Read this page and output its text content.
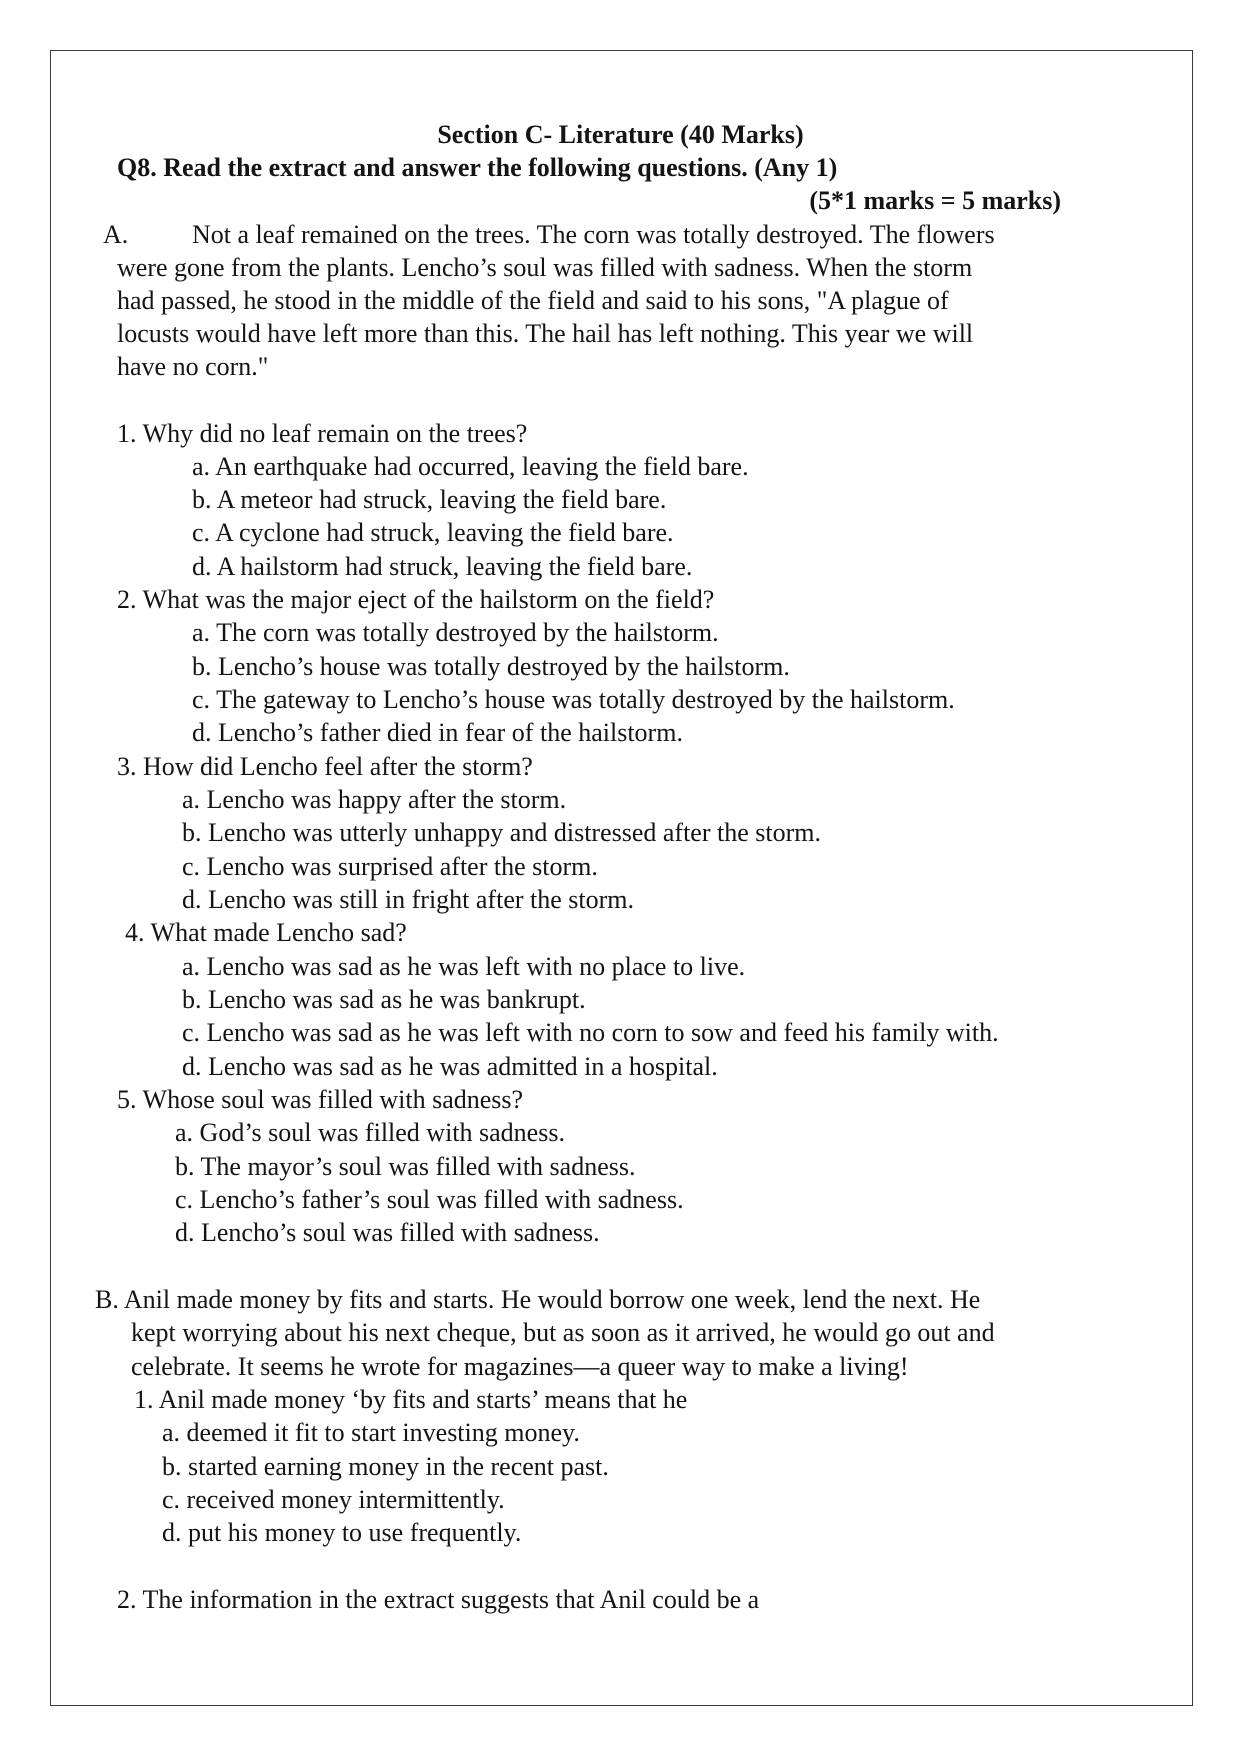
Section C- Literature (40 Marks)
Q8. Read the extract and answer the following questions. (Any 1)
(5*1 marks = 5 marks)
A. Not a leaf remained on the trees. The corn was totally destroyed. The flowers
were gone from the plants. Lencho’s soul was filled with sadness. When the storm
had passed, he stood in the middle of the field and said to his sons, "A plague of
locusts would have left more than this. The hail has left nothing. This year we will
have no corn."
1. Why did no leaf remain on the trees?
a. An earthquake had occurred, leaving the field bare.
b. A meteor had struck, leaving the field bare.
c. A cyclone had struck, leaving the field bare.
d. A hailstorm had struck, leaving the field bare.
2. What was the major eject of the hailstorm on the field?
a. The corn was totally destroyed by the hailstorm.
b. Lencho’s house was totally destroyed by the hailstorm.
c. The gateway to Lencho’s house was totally destroyed by the hailstorm.
d. Lencho’s father died in fear of the hailstorm.
3. How did Lencho feel after the storm?
a. Lencho was happy after the storm.
b. Lencho was utterly unhappy and distressed after the storm.
c. Lencho was surprised after the storm.
d. Lencho was still in fright after the storm.
4. What made Lencho sad?
a. Lencho was sad as he was left with no place to live.
b. Lencho was sad as he was bankrupt.
c. Lencho was sad as he was left with no corn to sow and feed his family with.
d. Lencho was sad as he was admitted in a hospital.
5. Whose soul was filled with sadness?
a. God’s soul was filled with sadness.
b. The mayor’s soul was filled with sadness.
c. Lencho’s father’s soul was filled with sadness.
d. Lencho’s soul was filled with sadness.
B. Anil made money by fits and starts. He would borrow one week, lend the next. He
kept worrying about his next cheque, but as soon as it arrived, he would go out and
celebrate. It seems he wrote for magazines—a queer way to make a living!
1. Anil made money ‘by fits and starts’ means that he
a. deemed it fit to start investing money.
b. started earning money in the recent past.
c. received money intermittently.
d. put his money to use frequently.
2. The information in the extract suggests that Anil could be a
